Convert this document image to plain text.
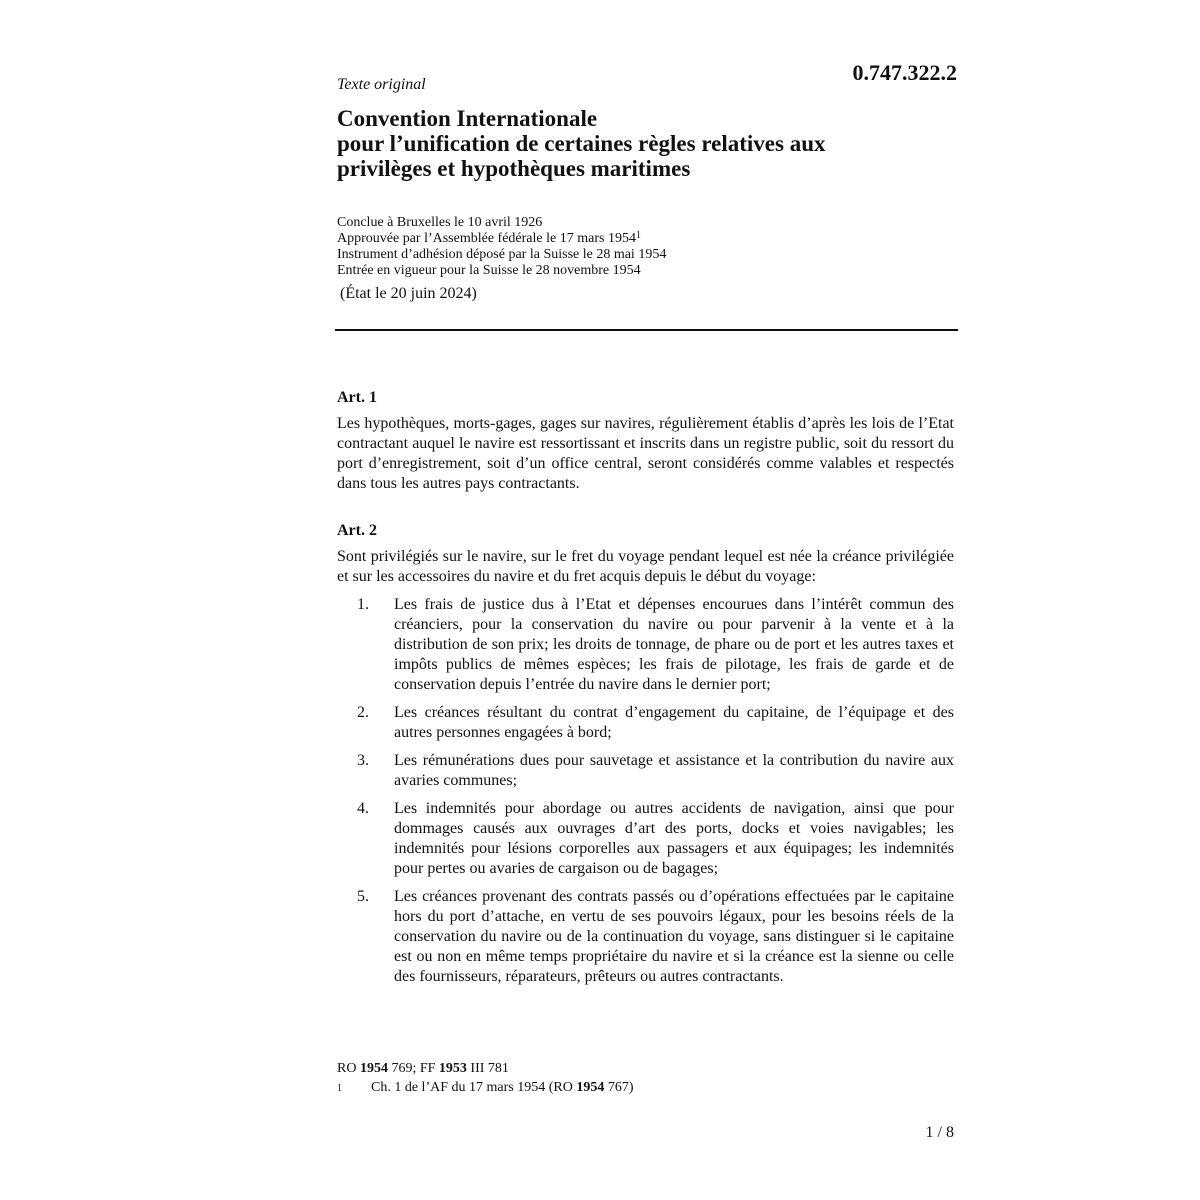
0.747.322.2
Texte original
Convention Internationale
pour l’unification de certaines règles relatives aux
privilèges et hypothèques maritimes
Conclue à Bruxelles le 10 avril 1926
Approuvée par l’Assemblée fédérale le 17 mars 1954$^1$
Instrument d’adhésion déposé par la Suisse le 28 mai 1954
Entrée en vigueur pour la Suisse le 28 novembre 1954
(État le 20 juin 2024)
Art. 1
Les hypothèques, morts-gages, gages sur navires, régulièrement établis d’après les lois de l’Etat contractant auquel le navire est ressortissant et inscrits dans un registre public, soit du ressort du port d’enregistrement, soit d’un office central, seront considérés comme valables et respectés dans tous les autres pays contractants.
Art. 2
Sont privilégiés sur le navire, sur le fret du voyage pendant lequel est née la créance privilégiée et sur les accessoires du navire et du fret acquis depuis le début du voyage:
1.	Les frais de justice dus à l’Etat et dépenses encourues dans l’intérêt commun des créanciers, pour la conservation du navire ou pour parvenir à la vente et à la distribution de son prix; les droits de tonnage, de phare ou de port et les autres taxes et impôts publics de mêmes espèces; les frais de pilotage, les frais de garde et de conservation depuis l’entrée du navire dans le dernier port;
2.	Les créances résultant du contrat d’engagement du capitaine, de l’équipage et des autres personnes engagées à bord;
3.	Les rémunérations dues pour sauvetage et assistance et la contribution du navire aux avaries communes;
4.	Les indemnités pour abordage ou autres accidents de navigation, ainsi que pour dommages causés aux ouvrages d’art des ports, docks et voies navigables; les indemnités pour lésions corporelles aux passagers et aux équipages; les indemnités pour pertes ou avaries de cargaison ou de bagages;
5.	Les créances provenant des contrats passés ou d’opérations effectuées par le capitaine hors du port d’attache, en vertu de ses pouvoirs légaux, pour les besoins réels de la conservation du navire ou de la continuation du voyage, sans distinguer si le capitaine est ou non en même temps propriétaire du navire et si la créance est la sienne ou celle des fournisseurs, réparateurs, prêteurs ou autres contractants.
RO 1954 769; FF 1953 III 781
1	Ch. 1 de l’AF du 17 mars 1954 (RO 1954 767)
1 / 8
